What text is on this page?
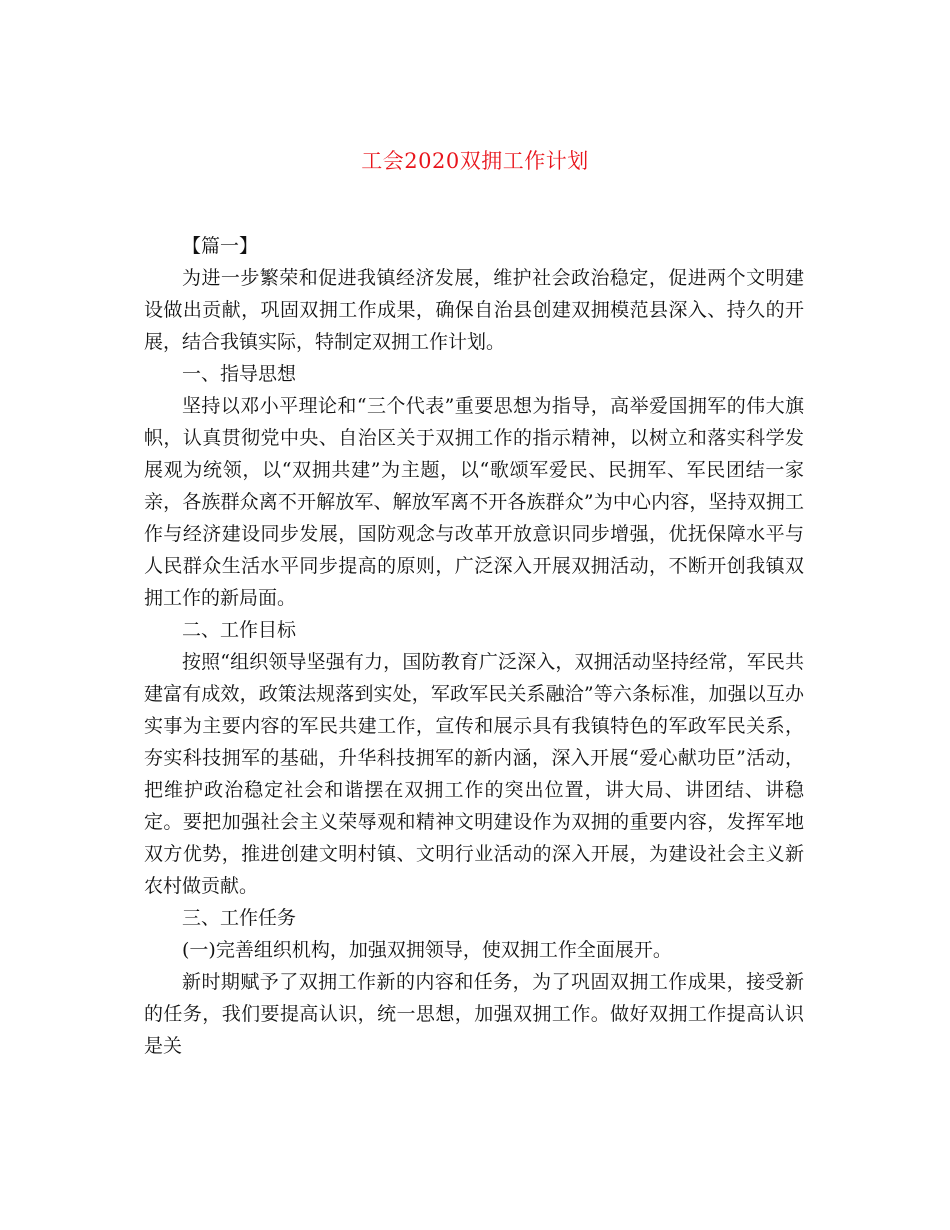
工会2020双拥工作计划

【篇一】

为进一步繁荣和促进我镇经济发展，维护社会政治稳定，促进两个文明建设做出贡献，巩固双拥工作成果，确保自治县创建双拥模范县深入、持久的开展，结合我镇实际，特制定双拥工作计划。

一、指导思想

坚持以邓小平理论和“三个代表”重要思想为指导，高举爱国拥军的伟大旗帜，认真贯彻党中央、自治区关于双拥工作的指示精神，以树立和落实科学发展观为统领，以“双拥共建”为主题，以“歌颂军爱民、民拥军、军民团结一家亲，各族群众离不开解放军、解放军离不开各族群众”为中心内容，坚持双拥工作与经济建设同步发展，国防观念与改革开放意识同步增强，优抚保障水平与人民群众生活水平同步提高的原则，广泛深入开展双拥活动，不断开创我镇双拥工作的新局面。

二、工作目标

按照“组织领导坚强有力，国防教育广泛深入，双拥活动坚持经常，军民共建富有成效，政策法规落到实处，军政军民关系融洽”等六条标准，加强以互办实事为主要内容的军民共建工作，宣传和展示具有我镇特色的军政军民关系，夯实科技拥军的基础，升华科技拥军的新内涵，深入开展“爱心献功臣”活动，把维护政治稳定社会和谐摆在双拥工作的突出位置，讲大局、讲团结、讲稳定。要把加强社会主义荣辱观和精神文明建设作为双拥的重要内容，发挥军地双方优势，推进创建文明村镇、文明行业活动的深入开展，为建设社会主义新农村做贡献。

三、工作任务

(一)完善组织机构，加强双拥领导，使双拥工作全面展开。

新时期赋予了双拥工作新的内容和任务，为了巩固双拥工作成果，接受新的任务，我们要提高认识，统一思想，加强双拥工作。做好双拥工作提高认识是关
